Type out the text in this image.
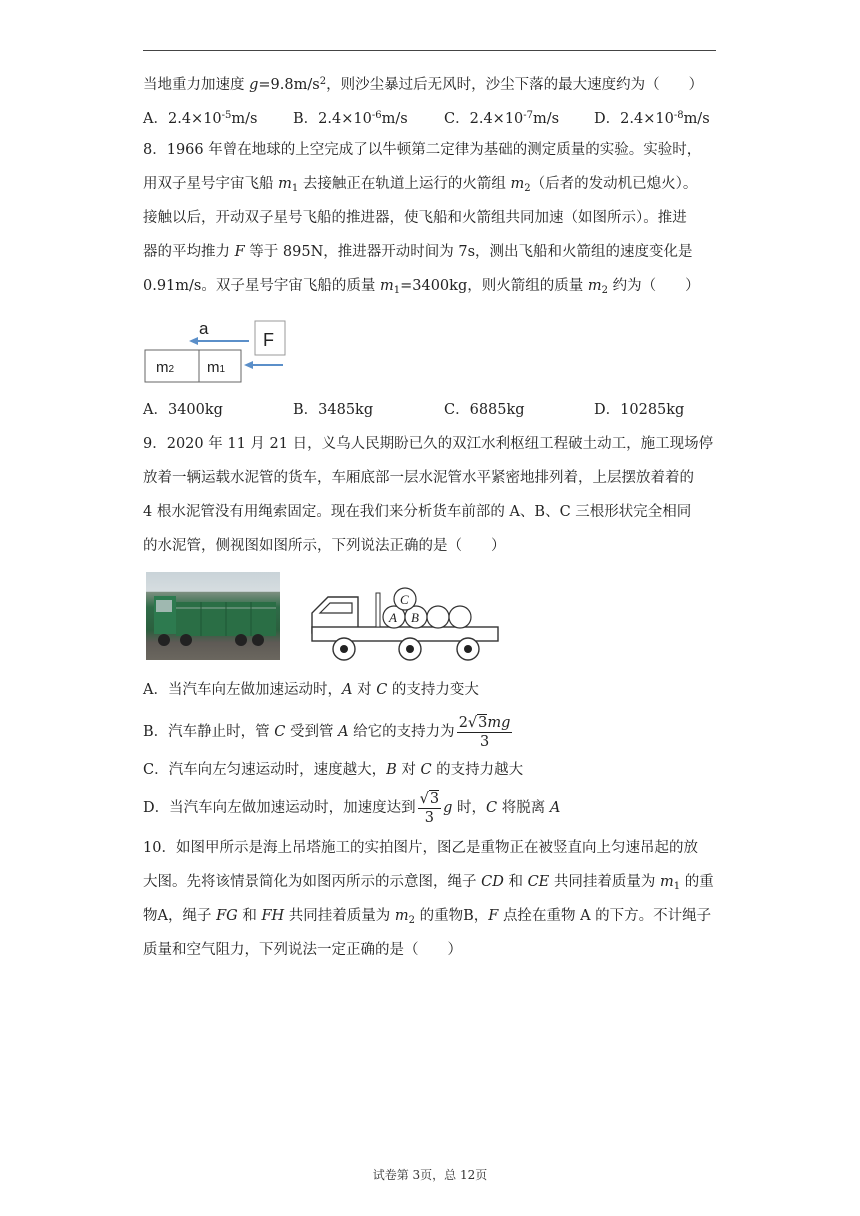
当地重力加速度 $g=9.8m/s^2$，则沙尘暴过后无风时，沙尘下落的最大速度约为（　　）
A．$2.4\times 10^{-5}m/s$ B．$2.4\times 10^{-6}m/s$	C．$2.4\times 10^{-7}m/s$ D．$2.4\times 10^{-8}m/s$
8．1966 年曾在地球的上空完成了以牛顿第二定律为基础的测定质量的实验。实验时，
用双子星号宇宙飞船 $m_1$ 去接触正在轨道上运行的火箭组 $m_2$（后者的发动机已熄火）。
接触以后，开动双子星号飞船的推进器，使飞船和火箭组共同加速（如图所示）。推进
器的平均推力 F 等于 895N，推进器开动时间为 7s，测出飞船和火箭组的速度变化是
0.91m/s。双子星号宇宙飞船的质量 $m_1=3400kg$，则火箭组的质量 $m_2$ 约为（　　）
a
F
m2 m1
A．3400kg	B．3485kg	C．6885kg	D．10285kg
9．2020 年 11 月 21 日，义乌人民期盼已久的双江水利枢纽工程破土动工，施工现场停
放着一辆运载水泥管的货车，车厢底部一层水泥管水平紧密地排列着，上层摆放着着的
4 根水泥管没有用绳索固定。现在我们来分析货车前部的 A、B、C 三根形状完全相同
的水泥管，侧视图如图所示，下列说法正确的是（　　）
A B
C
A．当汽车向左做加速运动时，A 对 C 的支持力变大
B．汽车静止时，管 C 受到管 A 给它的支持力为 $\frac{2√3mg}{3}$
C．汽车向左匀速运动时，速度越大，B 对 C 的支持力越大
D．当汽车向左做加速运动时，加速度达到 $\frac{√3}{3}$ g 时，C 将脱离 A
10．如图甲所示是海上吊塔施工的实拍图片，图乙是重物正在被竖直向上匀速吊起的放
大图。先将该情景简化为如图丙所示的示意图，绳子 CD 和 CE 共同挂着质量为 $m_1$ 的重
物A，绳子 FG 和 FH 共同挂着质量为 $m_2$ 的重物B，F 点拴在重物 A 的下方。不计绳子
质量和空气阻力，下列说法一定正确的是（　　）
试卷第 3页，总 12页
